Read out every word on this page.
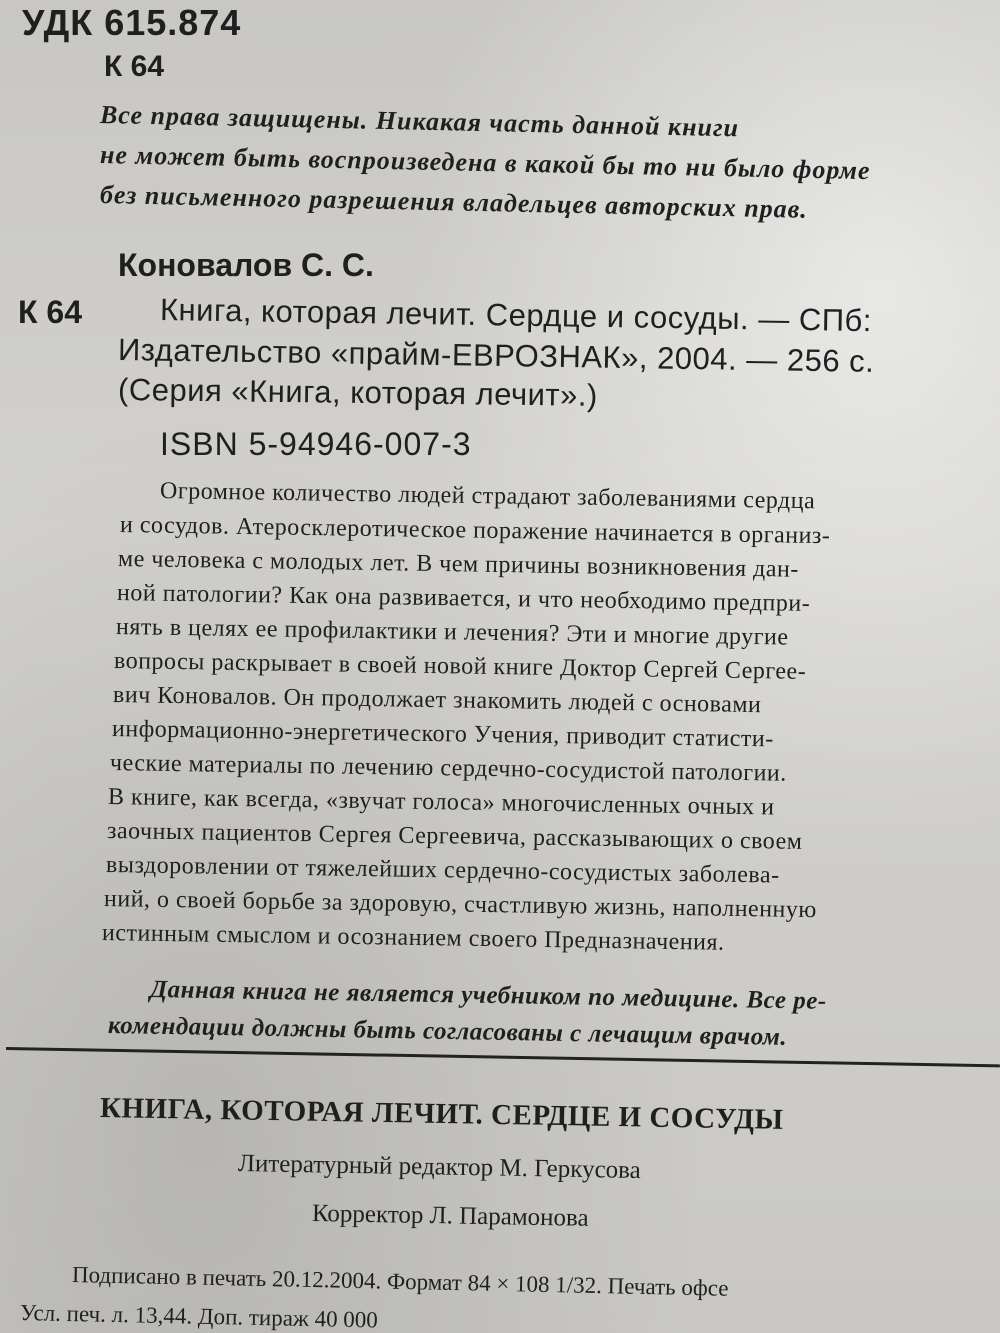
УДК 615.874

К 64

Все права защищены. Никакая часть данной книги

не может быть воспроизведена в какой бы то ни было форме

без письменного разрешения владельцев авторских прав.

Коновалов С. С.

К 64	Книга, которая лечит. Сердце и сосуды. — СПб:

Издательство «прайм-ЕВРОЗНАК», 2004. — 256 с.

(Серия «Книга, которая лечит».)

ISBN 5-94946-007-3

Огромное количество людей страдают заболеваниями сердца

и сосудов. Атеросклеротическое поражение начинается в организ-

ме человека с молодых лет. В чем причины возникновения дан-

ной патологии? Как она развивается, и что необходимо предпри-

нять в целях ее профилактики и лечения? Эти и многие другие

вопросы раскрывает в своей новой книге Доктор Сергей Сергее-

вич Коновалов. Он продолжает знакомить людей с основами

информационно-энергетического Учения, приводит статисти-

ческие материалы по лечению сердечно-сосудистой патологии.

В книге, как всегда, «звучат голоса» многочисленных очных и

заочных пациентов Сергея Сергеевича, рассказывающих о своем

выздоровлении от тяжелейших сердечно-сосудистых заболева-

ний, о своей борьбе за здоровую, счастливую жизнь, наполненную

истинным смыслом и осознанием своего Предназначения.

Данная книга не является учебником по медицине. Все ре-

комендации должны быть согласованы с лечащим врачом.

КНИГА, КОТОРАЯ ЛЕЧИТ. СЕРДЦЕ И СОСУДЫ

Литературный редактор М. Геркусова

Корректор Л. Парамонова

Подписано в печать 20.12.2004. Формат 84 × 108 1/32. Печать офсе

Усл. печ. л. 13,44. Доп. тираж 40 000
